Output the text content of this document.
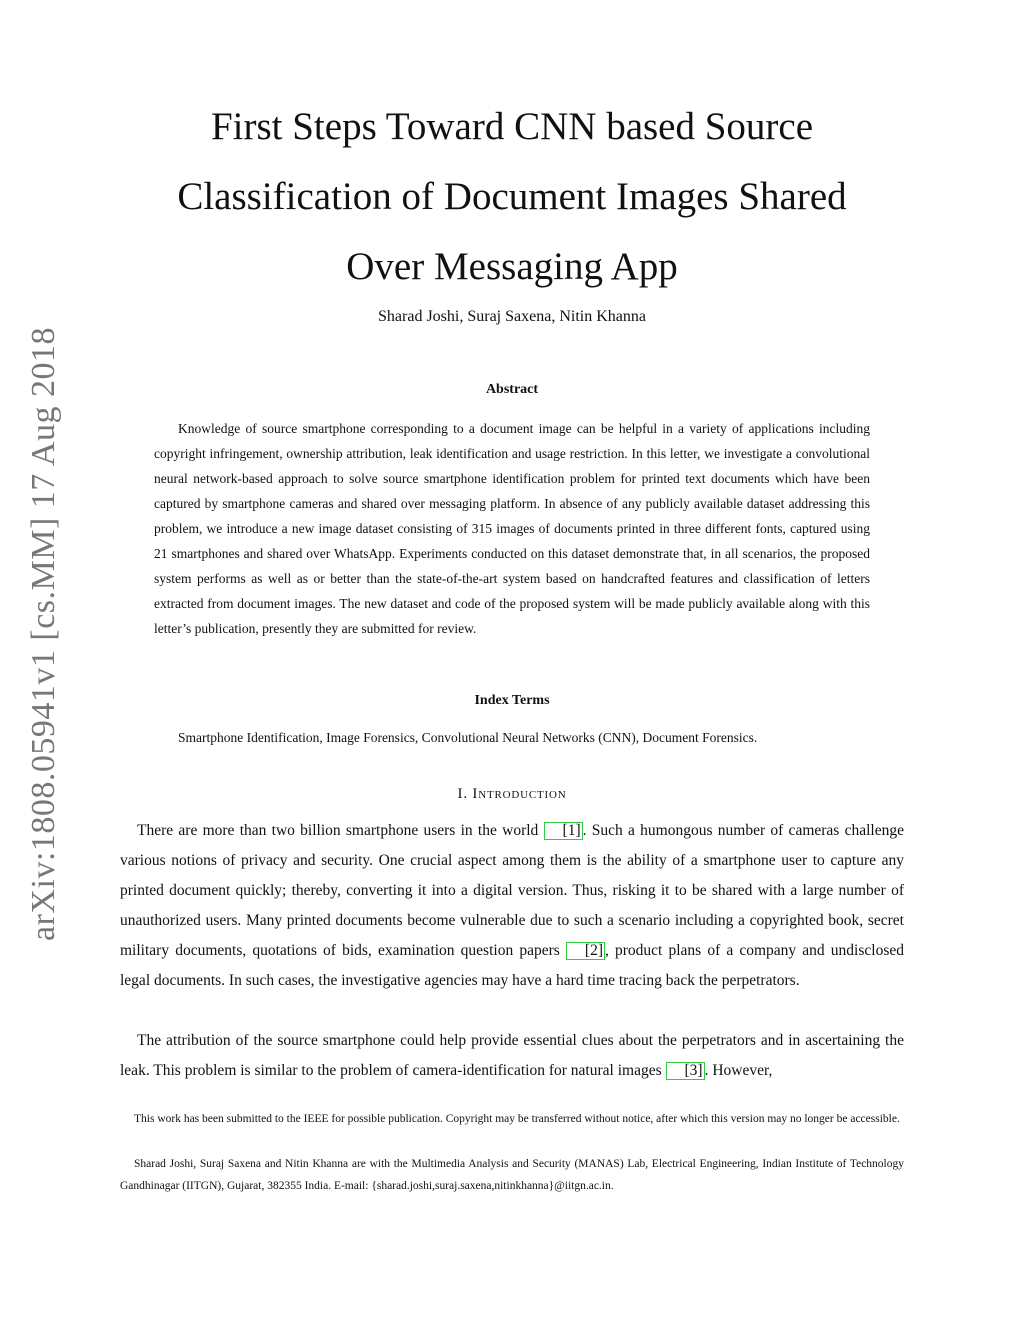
arXiv:1808.05941v1 [cs.MM] 17 Aug 2018
First Steps Toward CNN based Source
Classification of Document Images Shared
Over Messaging App
Sharad Joshi, Suraj Saxena, Nitin Khanna
Abstract

Knowledge of source smartphone corresponding to a document image can be helpful in a variety of applications including copyright infringement, ownership attribution, leak identification and usage restriction. In this letter, we investigate a convolutional neural network-based approach to solve source smartphone identification problem for printed text documents which have been captured by smartphone cameras and shared over messaging platform. In absence of any publicly available dataset addressing this problem, we introduce a new image dataset consisting of 315 images of documents printed in three different fonts, captured using 21 smartphones and shared over WhatsApp. Experiments conducted on this dataset demonstrate that, in all scenarios, the proposed system performs as well as or better than the state-of-the-art system based on handcrafted features and classification of letters extracted from document images. The new dataset and code of the proposed system will be made publicly available along with this letter’s publication, presently they are submitted for review.

Index Terms

Smartphone Identification, Image Forensics, Convolutional Neural Networks (CNN), Document Forensics.

I. Introduction

There are more than two billion smartphone users in the world [1] . Such a humongous number of cameras challenge various notions of privacy and security. One crucial aspect among them is the ability of a smartphone user to capture any printed document quickly; thereby, converting it into a digital version. Thus, risking it to be shared with a large number of unauthorized users. Many printed documents become vulnerable due to such a scenario including a copyrighted book, secret military documents, quotations of bids, examination question papers [2] , product plans of a company and undisclosed legal documents. In such cases, the investigative agencies may have a hard time tracing back the perpetrators.

The attribution of the source smartphone could help provide essential clues about the perpetrators and in ascertaining the leak. This problem is similar to the problem of camera-identification for natural images [3] . However,

This work has been submitted to the IEEE for possible publication. Copyright may be transferred without notice, after which this version may no longer be accessible.

Sharad Joshi, Suraj Saxena and Nitin Khanna are with the Multimedia Analysis and Security (MANAS) Lab, Electrical Engineering, Indian Institute of Technology Gandhinagar (IITGN), Gujarat, 382355 India. E-mail: {sharad.joshi,suraj.saxena,nitinkhanna}@iitgn.ac.in.
